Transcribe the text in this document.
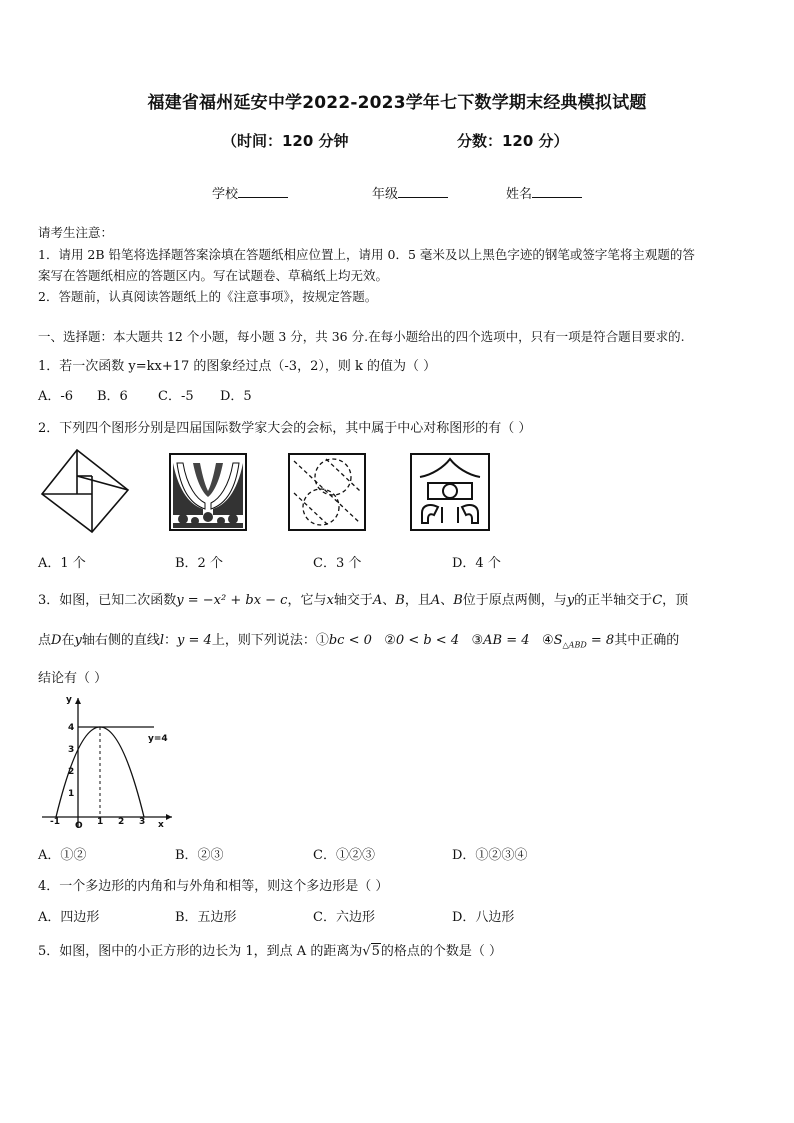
福建省福州延安中学2022-2023学年七下数学期末经典模拟试题
（时间：120 分钟	分数：120 分）
学校	年级	姓名
请考生注意：
1．请用 2B 铅笔将选择题答案涂填在答题纸相应位置上，请用 0．5 毫米及以上黑色字迹的钢笔或签字笔将主观题的答
案写在答题纸相应的答题区内。写在试题卷、草稿纸上均无效。
2．答题前，认真阅读答题纸上的《注意事项》，按规定答题。
一、选择题：本大题共 12 个小题，每小题 3 分，共 36 分.在每小题给出的四个选项中，只有一项是符合题目要求的.
1．若一次函数 y=kx+17 的图象经过点（-3，2），则 k 的值为（ ）
A．-6 B．6 C．-5 D．5
2．下列四个图形分别是四届国际数学家大会的会标，其中属于中心对称图形的有（ ）
A．1 个	B．2 个	C．3 个	D．4 个
3．如图，已知二次函数y = −x² + bx − c，它与x轴交于A、B，且A、B位于原点两侧，与y的正半轴交于C，顶
点D在y轴右侧的直线l：y = 4上，则下列说法：①bc < 0 ②0 < b < 4 ③AB = 4 $④S_{\triangle ABD} = 8$其中正确的
结论有（ ）
y
x
O
y=4
-1	1 2 3
4
3
2
1
A．①②	B．②③	C．①②③	D．①②③④
4．一个多边形的内角和与外角和相等，则这个多边形是（ ）
A．四边形	B．五边形	C．六边形	D．八边形
5．如图，图中的小正方形的边长为 1，到点 A 的距离为√5的格点的个数是（ ）
